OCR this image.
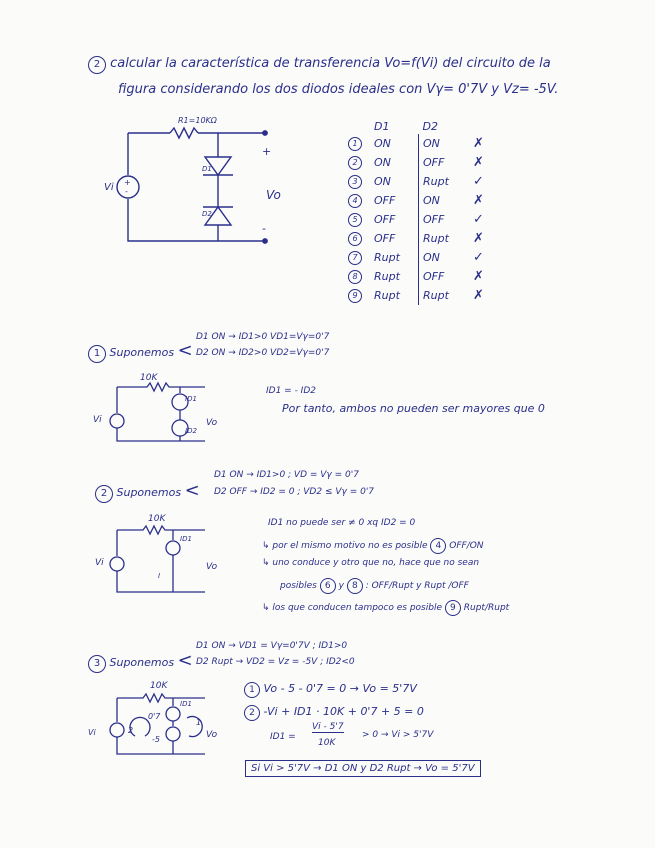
2 calcular la característica de transferencia Vo=f(Vi) del circuito de la
figura considerando los dos diodos ideales con Vγ= 0'7V y Vz= -5V.
+
-
R1=10KΩ
D1
D2
Vi
Vo
+
-
	D1	D2	
1	ON	ON	✗
2	ON	OFF	✗
3	ON	Rupt	✓
4	OFF	ON	✗
5	OFF	OFF	✓
6	OFF	Rupt	✗
7	Rupt	ON	✓
8	Rupt	OFF	✗
9	Rupt	Rupt	✗
1 Suponemos <
D1 ON → ID1>0 VD1=Vγ=0'7
D2 ON → ID2>0 VD2=Vγ=0'7
10K
Vi	Vo
ID1
ID2
ID1 = - ID2
Por tanto, ambos no pueden ser mayores que 0
2 Suponemos <
D1 ON → ID1>0 ; VD = Vγ = 0'7
D2 OFF → ID2 = 0 ; VD2 ≤ Vγ = 0'7
10K
Vi	Vo
ID1
I
ID1 no puede ser ≠ 0 xq ID2 = 0
↳ por el mismo motivo no es posible 4 OFF/ON
↳ uno conduce y otro que no, hace que no sean
posibles 6 y 8 : OFF/Rupt y Rupt /OFF
↳ los que conducen tampoco es posible 9 Rupt/Rupt
3 Suponemos <
D1 ON → VD1 = Vγ=0'7V ; ID1>0
D2 Rupt → VD2 = Vz = -5V ; ID2<0
10K
Vi	Vo
ID1
0'7
-5
2
1
1 Vo - 5 - 0'7 = 0 → Vo = 5'7V
2 -Vi + ID1 · 10K + 0'7 + 5 = 0
ID1 =
Vi - 5'7
10K
> 0 → Vi > 5'7V
Si Vi > 5'7V → D1 ON y D2 Rupt → Vo = 5'7V
